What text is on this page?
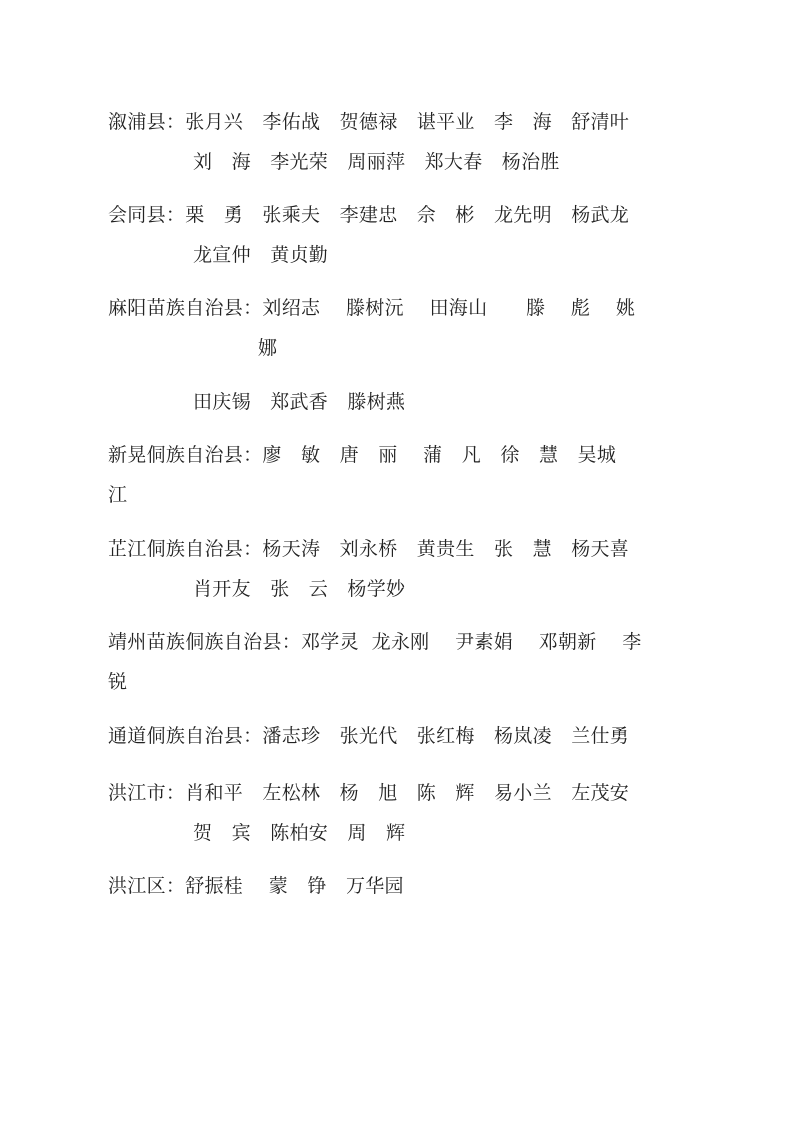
溆浦县：张月兴　李佑战　贺德禄　谌平业　李　海　舒清叶

刘　海　李光荣　周丽萍　郑大春　杨治胜

会同县：栗　勇　张乘夫　李建忠　佘　彬　龙先明　杨武龙

龙宣仲　黄贞勤

麻阳苗族自治县：刘绍志　 滕树沅　 田海山　　滕　 彪　 姚

娜

田庆锡　郑武香　滕树燕

新晃侗族自治县：廖　敏　唐　丽　 蒲　凡　徐　慧　吴城

江

芷江侗族自治县：杨天涛　刘永桥　黄贵生　张　慧　杨天喜

肖开友　张　云　杨学妙

靖州苗族侗族自治县：邓学灵  龙永刚　 尹素娟　 邓朝新　 李

锐

通道侗族自治县：潘志珍　张光代　张红梅　杨岚凌　兰仕勇

洪江市：肖和平　左松林　杨　旭　陈　辉　易小兰　左茂安

贺　宾　陈柏安　周　辉

洪江区：舒振桂　 蒙　铮　万华园
